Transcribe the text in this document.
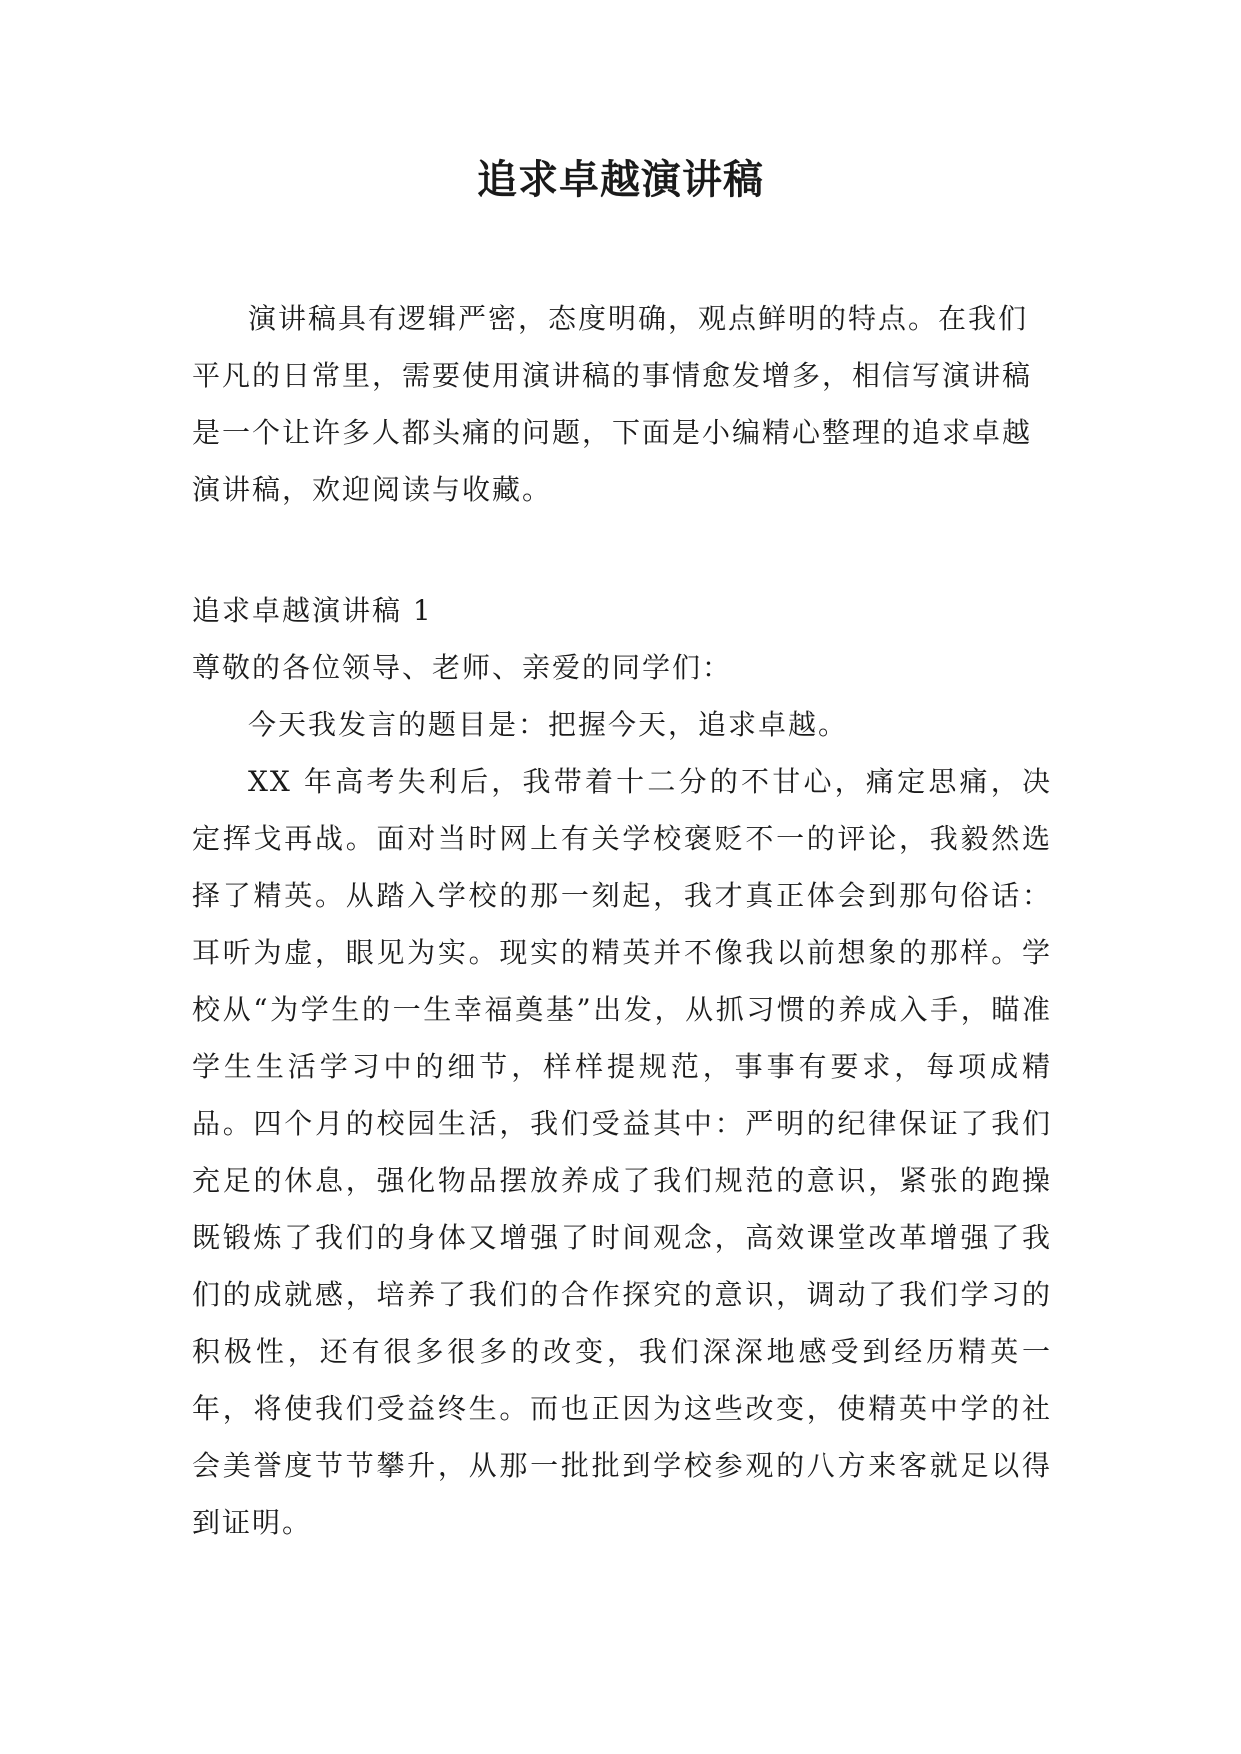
追求卓越演讲稿
演讲稿具有逻辑严密，态度明确，观点鲜明的特点。在我们平凡的日常里，需要使用演讲稿的事情愈发增多，相信写演讲稿是一个让许多人都头痛的问题，下面是小编精心整理的追求卓越演讲稿，欢迎阅读与收藏。

追求卓越演讲稿 1

尊敬的各位领导、老师、亲爱的同学们：

今天我发言的题目是：把握今天，追求卓越。

XX 年高考失利后，我带着十二分的不甘心，痛定思痛，决定挥戈再战。面对当时网上有关学校褒贬不一的评论，我毅然选择了精英。从踏入学校的那一刻起，我才真正体会到那句俗话：耳听为虚，眼见为实。现实的精英并不像我以前想象的那样。学校从“为学生的一生幸福奠基”出发，从抓习惯的养成入手，瞄准学生生活学习中的细节，样样提规范，事事有要求，每项成精品。四个月的校园生活，我们受益其中：严明的纪律保证了我们充足的休息，强化物品摆放养成了我们规范的意识，紧张的跑操既锻炼了我们的身体又增强了时间观念，高效课堂改革增强了我们的成就感，培养了我们的合作探究的意识，调动了我们学习的积极性，还有很多很多的改变，我们深深地感受到经历精英一年，将使我们受益终生。而也正因为这些改变，使精英中学的社会美誉度节节攀升，从那一批批到学校参观的八方来客就足以得到证明。
